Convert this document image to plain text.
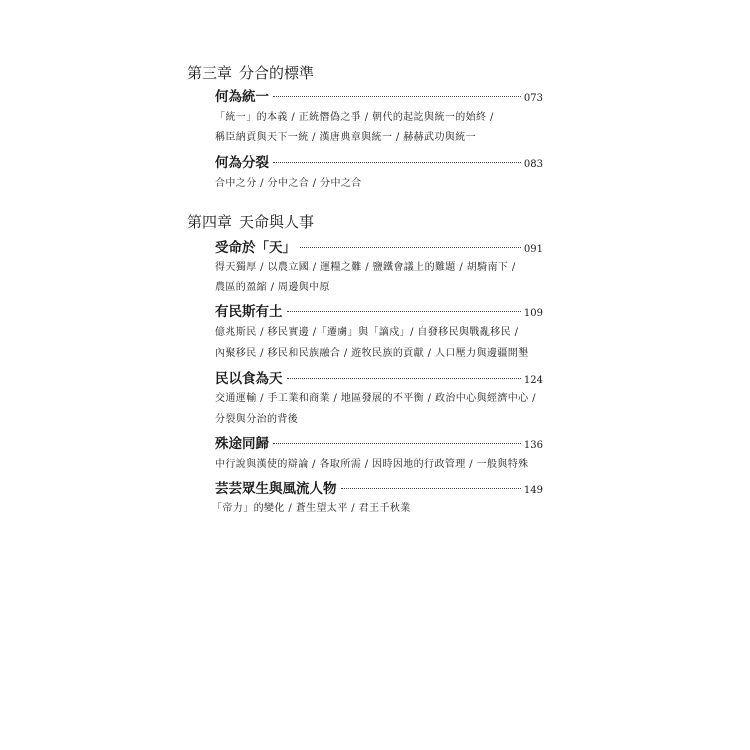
第三章 分合的標準
何為統一	073
「統一」的本義 / 正統僭偽之爭 / 朝代的起訖與統一的始終 /
稱臣納貢與天下一統 / 漢唐典章與統一 / 赫赫武功與統一
何為分裂	083
合中之分 / 分中之合 / 分中之合
第四章 天命與人事
受命於「天」	091
得天獨厚 / 以農立國 / 運糧之難 / 鹽鐵會議上的難題 / 胡騎南下 /
農區的盈縮 / 周邊與中原
有民斯有土	109
億兆斯民 / 移民實邊 /「遷虜」與「謫戍」/ 自發移民與戰亂移民 /
內聚移民 / 移民和民族融合 / 遊牧民族的貢獻 / 人口壓力與邊疆開墾
民以食為天	124
交通運輸 / 手工業和商業 / 地區發展的不平衡 / 政治中心與經濟中心 /
分裂與分治的背後
殊途同歸	136
中行說與漢使的辯論 / 各取所需 / 因時因地的行政管理 / 一般與特殊
芸芸眾生與風流人物	149
「帝力」的變化 / 蒼生望太平 / 君王千秋業
